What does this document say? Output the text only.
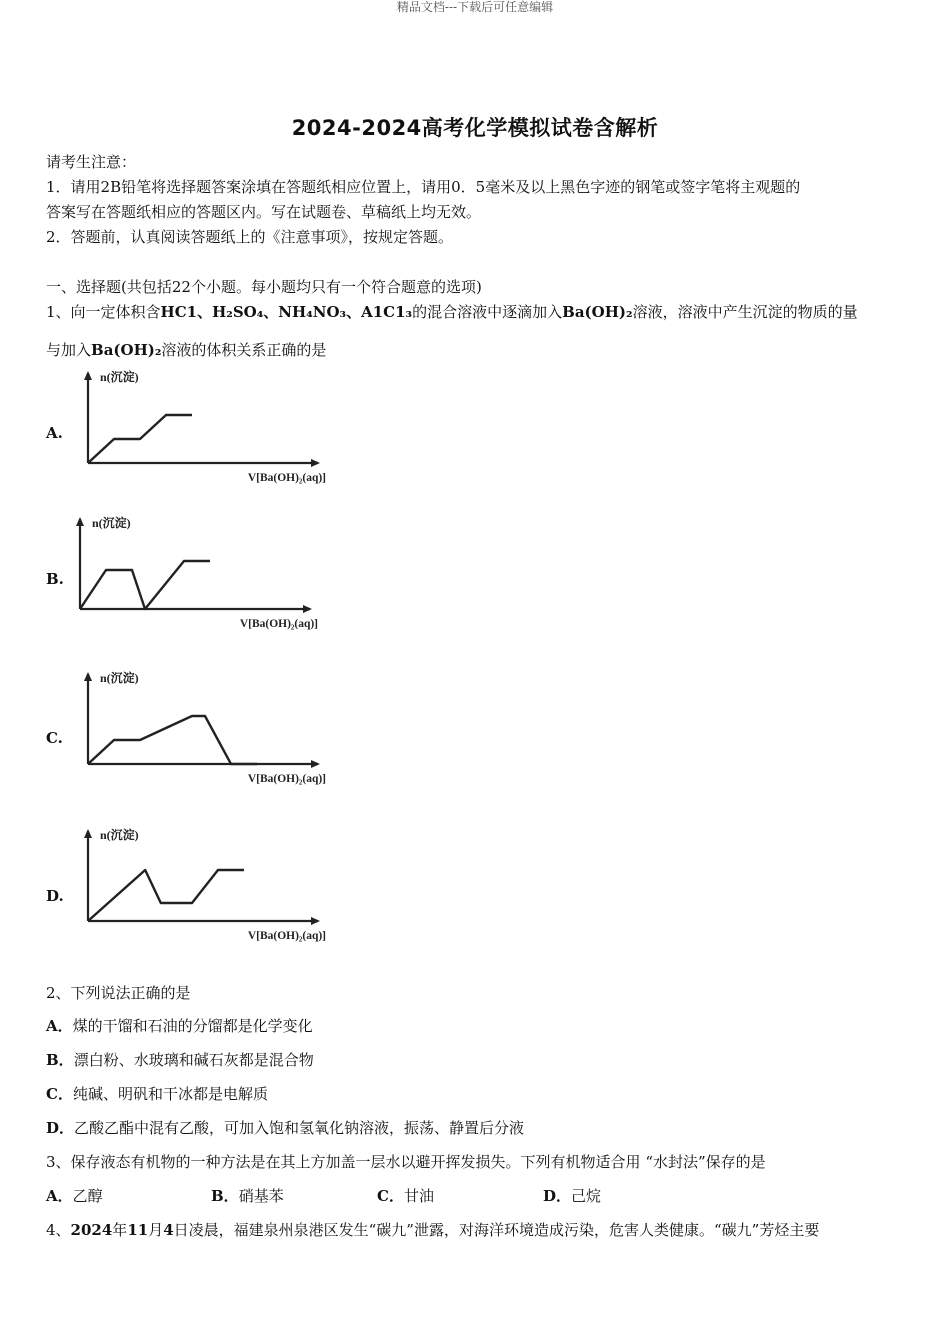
精品文档---下载后可任意编辑
2024-2024高考化学模拟试卷含解析
请考生注意：
1．请用2B铅笔将选择题答案涂填在答题纸相应位置上，请用0．5毫米及以上黑色字迹的钢笔或签字笔将主观题的
答案写在答题纸相应的答题区内。写在试题卷、草稿纸上均无效。
2．答题前，认真阅读答题纸上的《注意事项》，按规定答题。
一、选择题(共包括22个小题。每小题均只有一个符合题意的选项)
1、向一定体积含HC1、H₂SO₄、NH₄NO₃、A1C1₃的混合溶液中逐滴加入Ba(OH)₂溶液，溶液中产生沉淀的物质的量
与加入Ba(OH)₂溶液的体积关系正确的是
A.
n(沉淀)
V[Ba(OH)₂(aq)]
B.
n(沉淀)
V[Ba(OH)₂(aq)]
C.
n(沉淀)
V[Ba(OH)₂(aq)]
D.
n(沉淀)
V[Ba(OH)₂(aq)]
2、下列说法正确的是
A．煤的干馏和石油的分馏都是化学变化
B．漂白粉、水玻璃和碱石灰都是混合物
C．纯碱、明矾和干冰都是电解质
D．乙酸乙酯中混有乙酸，可加入饱和氢氧化钠溶液，振荡、静置后分液
3、保存液态有机物的一种方法是在其上方加盖一层水以避开挥发损失。下列有机物适合用 “水封法”保存的是
A．乙醇	B．硝基苯	C．甘油	D．己烷
4、2024年11月4日凌晨，福建泉州泉港区发生“碳九”泄露，对海洋环境造成污染，危害人类健康。“碳九”芳烃主要
